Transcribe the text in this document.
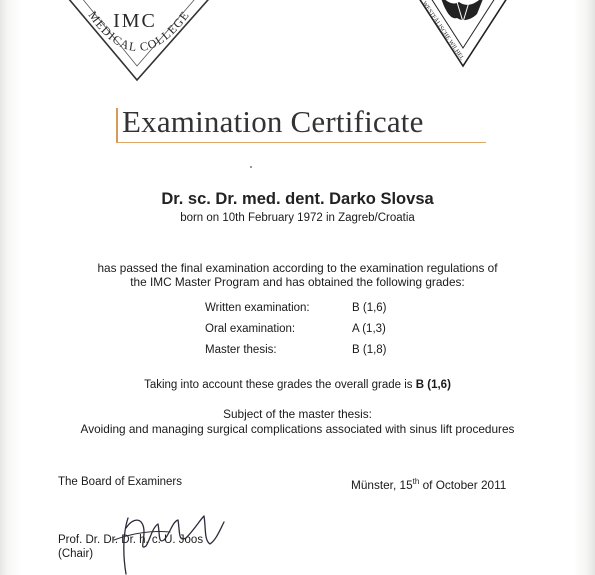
IMC
MEDICAL COLLEGE
WESTFÄLISCHE WILHEL
Examination Certificate
Dr. sc. Dr. med. dent. Darko Slovsa
born on 10th February 1972 in Zagreb/Croatia
has passed the final examination according to the examination regulations of
the IMC Master Program and has obtained the following grades:
Written examination:	B (1,6)
Oral examination:	A (1,3)
Master thesis:	B (1,8)
Taking into account these grades the overall grade is B (1,6)
Subject of the master thesis:
Avoiding and managing surgical complications associated with sinus lift procedures
The Board of Examiners	Münster, 15th of October 2011
Prof. Dr. Dr. Dr. h. c. U. Joos
(Chair)
